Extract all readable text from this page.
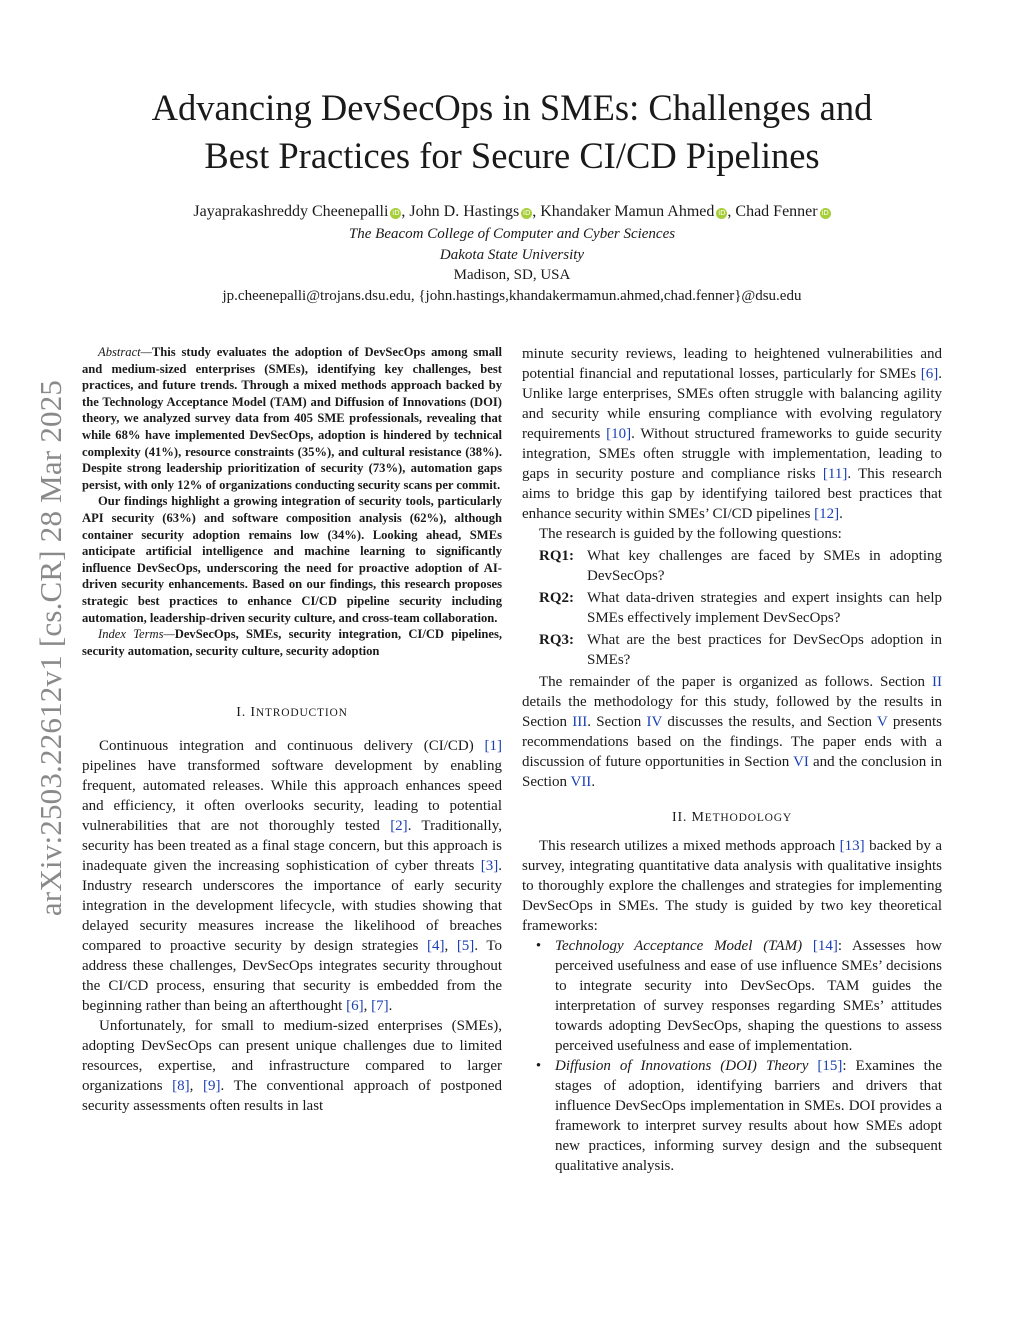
arXiv:2503.22612v1 [cs.CR] 28 Mar 2025
Advancing DevSecOps in SMEs: Challenges and
Best Practices for Secure CI/CD Pipelines
Jayaprakashreddy Cheenepalli iD , John D. Hastings iD , Khandaker Mamun Ahmed iD , Chad Fenner iD
The Beacom College of Computer and Cyber Sciences
Dakota State University
Madison, SD, USA
jp.cheenepalli@trojans.dsu.edu, {john.hastings,khandakermamun.ahmed,chad.fenner}@dsu.edu

Abstract—This study evaluates the adoption of DevSecOps among small and medium-sized enterprises (SMEs), identifying key challenges, best practices, and future trends. Through a mixed methods approach backed by the Technology Acceptance Model (TAM) and Diffusion of Innovations (DOI) theory, we analyzed survey data from 405 SME professionals, revealing that while 68% have implemented DevSecOps, adoption is hindered by technical complexity (41%), resource constraints (35%), and cultural resistance (38%). Despite strong leadership prioritization of security (73%), automation gaps persist, with only 12% of organizations conducting security scans per commit.

Our findings highlight a growing integration of security tools, particularly API security (63%) and software composition analysis (62%), although container security adoption remains low (34%). Looking ahead, SMEs anticipate artificial intelligence and machine learning to significantly influence DevSecOps, underscoring the need for proactive adoption of AI-driven security enhancements. Based on our findings, this research proposes strategic best practices to enhance CI/CD pipeline security including automation, leadership-driven security culture, and cross-team collaboration.

Index Terms—DevSecOps, SMEs, security integration, CI/CD pipelines, security automation, security culture, security adoption

I. INTRODUCTION

Continuous integration and continuous delivery (CI/CD) [1] pipelines have transformed software development by enabling frequent, automated releases. While this approach enhances speed and efficiency, it often overlooks security, leading to potential vulnerabilities that are not thoroughly tested [2]. Traditionally, security has been treated as a final stage concern, but this approach is inadequate given the increasing sophistication of cyber threats [3]. Industry research underscores the importance of early security integration in the development lifecycle, with studies showing that delayed security measures increase the likelihood of breaches compared to proactive security by design strategies [4], [5]. To address these challenges, DevSecOps integrates security throughout the CI/CD process, ensuring that security is embedded from the beginning rather than being an afterthought [6], [7].

Unfortunately, for small to medium-sized enterprises (SMEs), adopting DevSecOps can present unique challenges due to limited resources, expertise, and infrastructure compared to larger organizations [8], [9]. The conventional approach of postponed security assessments often results in last

minute security reviews, leading to heightened vulnerabilities and potential financial and reputational losses, particularly for SMEs [6]. Unlike large enterprises, SMEs often struggle with balancing agility and security while ensuring compliance with evolving regulatory requirements [10]. Without structured frameworks to guide security integration, SMEs often struggle with implementation, leading to gaps in security posture and compliance risks [11]. This research aims to bridge this gap by identifying tailored best practices that enhance security within SMEs’ CI/CD pipelines [12].

The research is guided by the following questions:

RQ1: What key challenges are faced by SMEs in adopting DevSecOps?
RQ2: What data-driven strategies and expert insights can help SMEs effectively implement DevSecOps?
RQ3: What are the best practices for DevSecOps adoption in SMEs?

The remainder of the paper is organized as follows. Section II details the methodology for this study, followed by the results in Section III. Section IV discusses the results, and Section V presents recommendations based on the findings. The paper ends with a discussion of future opportunities in Section VI and the conclusion in Section VII.

II. METHODOLOGY

This research utilizes a mixed methods approach [13] backed by a survey, integrating quantitative data analysis with qualitative insights to thoroughly explore the challenges and strategies for implementing DevSecOps in SMEs. The study is guided by two key theoretical frameworks:

• Technology Acceptance Model (TAM) [14]: Assesses how perceived usefulness and ease of use influence SMEs’ decisions to integrate security into DevSecOps. TAM guides the interpretation of survey responses regarding SMEs’ attitudes towards adopting DevSecOps, shaping the questions to assess perceived usefulness and ease of implementation.
• Diffusion of Innovations (DOI) Theory [15]: Examines the stages of adoption, identifying barriers and drivers that influence DevSecOps implementation in SMEs. DOI provides a framework to interpret survey results about how SMEs adopt new practices, informing survey design and the subsequent qualitative analysis.
